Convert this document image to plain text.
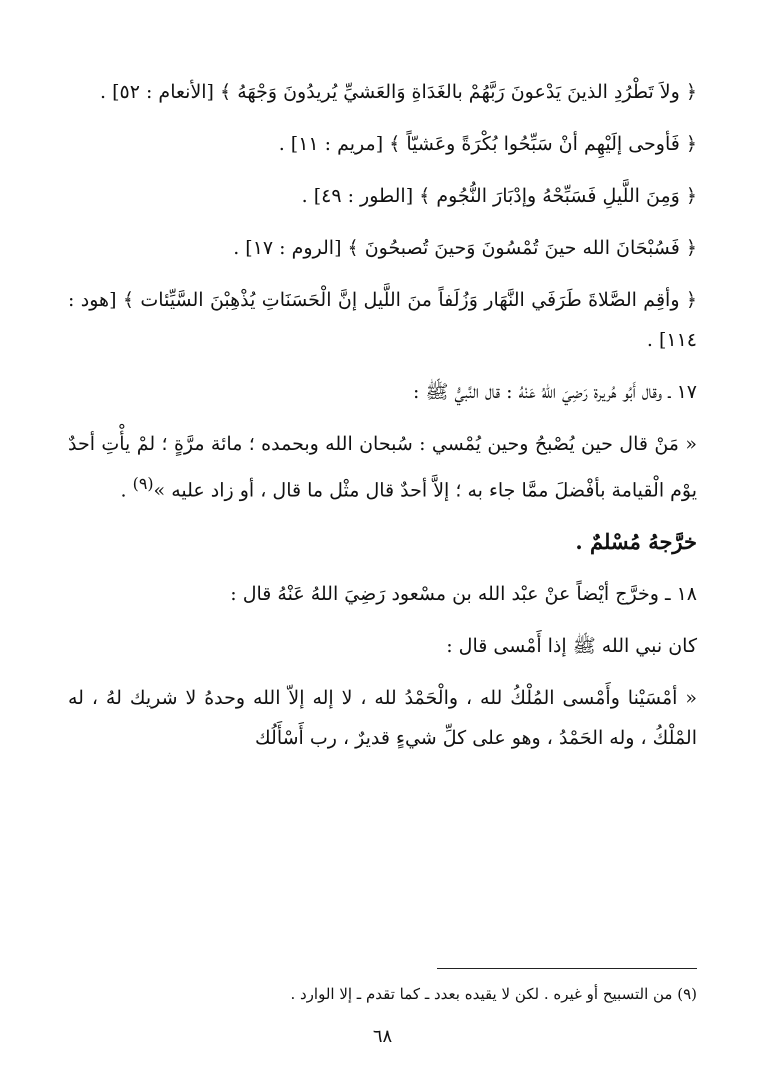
﴿ ولاَ تَطْرُدِ الذينَ يَدْعونَ رَبَّهُمْ بالغَدَاةِ وَالعَشيِّ يُريدُونَ وَجْهَهُ ﴾ [الأنعام : ٥٢] .

﴿ فَأوحى إلَيْهِم أنْ سَبِّحُوا بُكْرَةً وعَشيّاً ﴾ [مريم : ١١] .

﴿ وَمِنَ اللَّيلِ فَسَبِّحْهُ وإدْبَارَ النُّجُوم ﴾ [الطور : ٤٩] .

﴿ فَسُبْحَانَ الله حينَ تُمْسُونَ وَحينَ تُصبحُونَ ﴾ [الروم : ١٧] .

﴿ وأقِم الصَّلاةَ طَرَفَي النَّهَار وَزُلَفاً منَ اللَّيل إنَّ الْحَسَنَاتِ يُذْهِبْنَ السَّيِّئات ﴾ [هود : ١١٤] .

١٧ ـ وقال أَبُو هُريرة رَضِيَ اللهُ عَنْهُ : قال النَّبيُّ ﷺ :

« مَنْ قال حين يُصْبحُ وحين يُمْسي : سُبحان الله وبحمده ؛ مائة مرَّةٍ ؛ لمْ يأْتِ أحدٌ يوْم الْقيامة بأفْضلَ ممَّا جاء به ؛ إلاَّ أحدٌ قال مثْل ما قال ، أو زاد عليه »$^{(٩)}$ .

خرَّجهُ مُسْلمٌ .

١٨ ـ وخرَّج أيْضاً عنْ عبْد الله بن مسْعود رَضِيَ اللهُ عَنْهُ قال :

كان نبي الله ﷺ إذا أَمْسى قال :

« أمْسَيْنا وأَمْسى المُلْكُ لله ، والْحَمْدُ لله ، لا إله إلاّ الله وحدهُ لا شريك لهُ ، له المْلْكُ ، وله الحَمْدُ ، وهو على كلِّ شيءٍ قديرٌ ، رب أَسْأَلُك

(٩) من التسبيح أو غيره . لكن لا يقيده بعدد ـ كما تقدم ـ إلا الوارد .
٦٨
